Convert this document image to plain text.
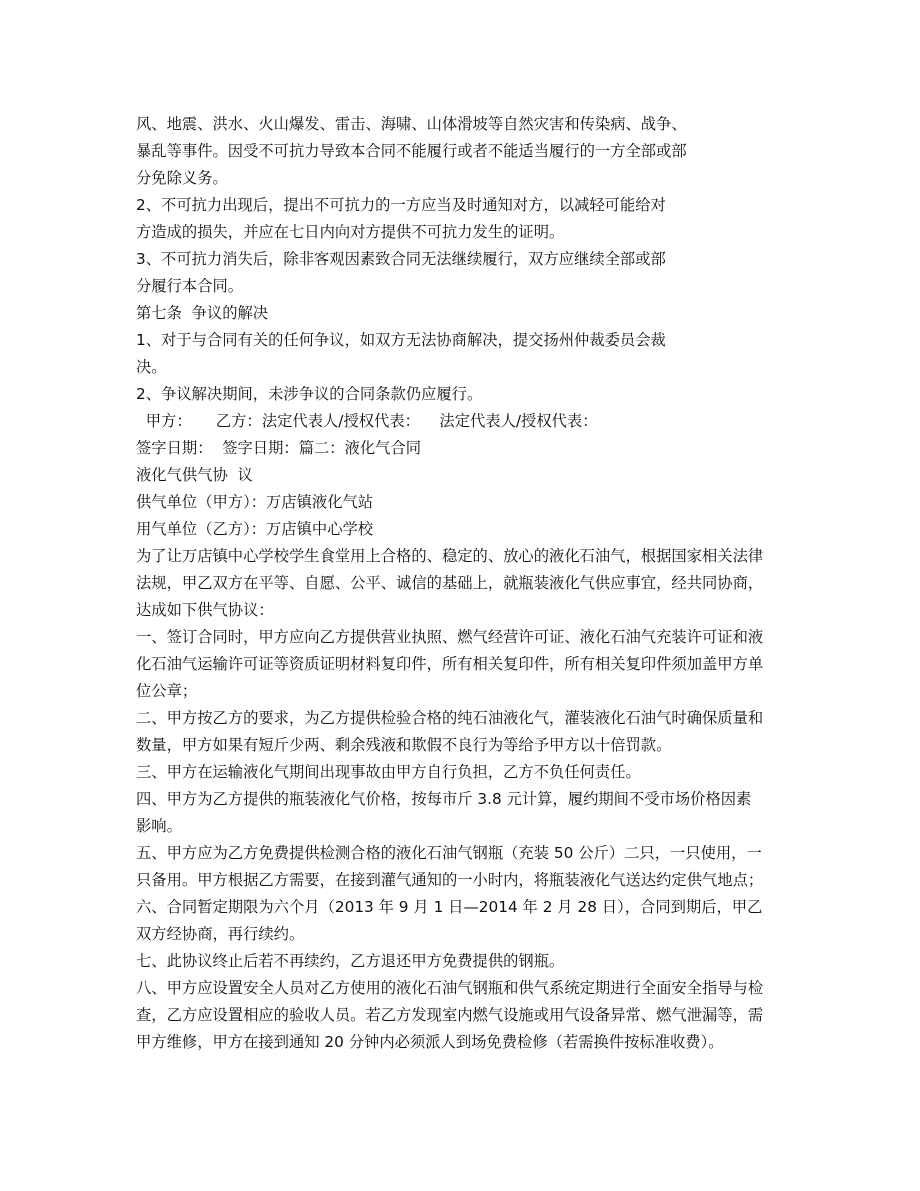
风、地震、洪水、火山爆发、雷击、海啸、山体滑坡等自然灾害和传染病、战争、
暴乱等事件。因受不可抗力导致本合同不能履行或者不能适当履行的一方全部或部
分免除义务。
2、不可抗力出现后，提出不可抗力的一方应当及时通知对方，以减轻可能给对
方造成的损失，并应在七日内向对方提供不可抗力发生的证明。
3、不可抗力消失后，除非客观因素致合同无法继续履行，双方应继续全部或部
分履行本合同。
第七条  争议的解决
1、对于与合同有关的任何争议，如双方无法协商解决，提交扬州仲裁委员会裁
决。
2、争议解决期间，未涉争议的合同条款仍应履行。
甲方：     乙方：法定代表人/授权代表：    法定代表人/授权代表：
签字日期：  签字日期：篇二：液化气合同
液化气供气协  议
供气单位（甲方）：万店镇液化气站
用气单位（乙方）：万店镇中心学校
为了让万店镇中心学校学生食堂用上合格的、稳定的、放心的液化石油气，根据国家相关法律
法规，甲乙双方在平等、自愿、公平、诚信的基础上，就瓶装液化气供应事宜，经共同协商，
达成如下供气协议：
一、签订合同时，甲方应向乙方提供营业执照、燃气经营许可证、液化石油气充装许可证和液
化石油气运输许可证等资质证明材料复印件，所有相关复印件，所有相关复印件须加盖甲方单
位公章；
二、甲方按乙方的要求，为乙方提供检验合格的纯石油液化气，灌装液化石油气时确保质量和
数量，甲方如果有短斤少两、剩余残液和欺假不良行为等给予甲方以十倍罚款。
三、甲方在运输液化气期间出现事故由甲方自行负担，乙方不负任何责任。
四、甲方为乙方提供的瓶装液化气价格，按每市斤 3.8 元计算，履约期间不受市场价格因素
影响。
五、甲方应为乙方免费提供检测合格的液化石油气钢瓶（充装 50 公斤）二只，一只使用，一
只备用。甲方根据乙方需要，在接到灌气通知的一小时内，将瓶装液化气送达约定供气地点；
六、合同暂定期限为六个月（2013 年 9 月 1 日—2014 年 2 月 28 日），合同到期后，甲乙
双方经协商，再行续约。
七、此协议终止后若不再续约，乙方退还甲方免费提供的钢瓶。
八、甲方应设置安全人员对乙方使用的液化石油气钢瓶和供气系统定期进行全面安全指导与检
查，乙方应设置相应的验收人员。若乙方发现室内燃气设施或用气设备异常、燃气泄漏等，需
甲方维修，甲方在接到通知 20 分钟内必须派人到场免费检修（若需换件按标准收费）。
